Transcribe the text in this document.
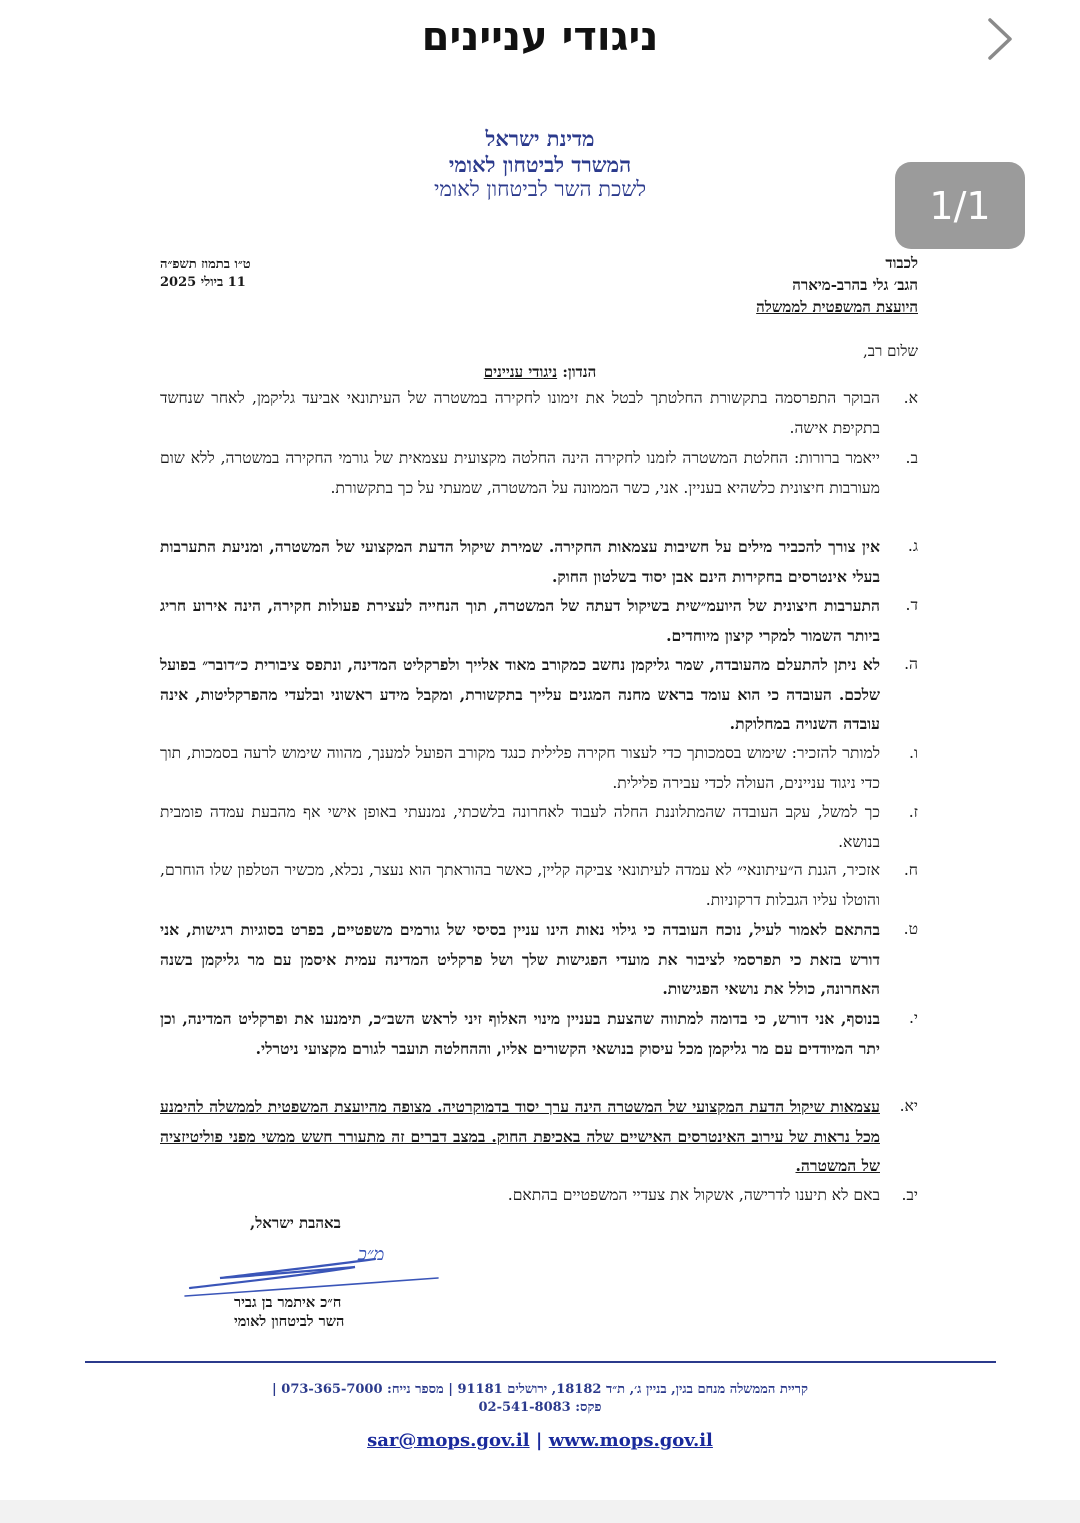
ניגודי עניינים
1/1
מדינת ישראל
המשרד לביטחון לאומי
לשכת השר לביטחון לאומי
ט״ו בתמוז תשפ״ה
11 ביולי 2025
לכבוד
הגב׳ גלי בהרב-מיארה
היועצת המשפטית לממשלה
שלום רב,
הנדון: ניגודי עניינים
א.
הבוקר התפרסמה בתקשורת החלטתך לבטל את זימונו לחקירה במשטרה של העיתונאי אביעד גליקמן, לאחר שנחשד בתקיפת אישה.
ב.
ייאמר ברורות: החלטת המשטרה לזמנו לחקירה הינה החלטה מקצועית עצמאית של גורמי החקירה במשטרה, ללא שום מעורבות חיצונית כלשהיא בעניין. אני, כשר הממונה על המשטרה, שמעתי על כך בתקשורת.
ג.
אין צורך להכביר מילים על חשיבות עצמאות החקירה. שמירת שיקול הדעת המקצועי של המשטרה, ומניעת התערבות בעלי אינטרסים בחקירות הינם אבן יסוד בשלטון החוק.
ד.
התערבות חיצונית של היועמ״שית בשיקול דעתה של המשטרה, תוך הנחייה לעצירת פעולות חקירה, הינה אירוע חריג ביותר השמור למקרי קיצון מיוחדים.
ה.
לא ניתן להתעלם מהעובדה, שמר גליקמן נחשב כמקורב מאוד אלייך ולפרקליט המדינה, ונתפס ציבורית כ״דובר״ בפועל שלכם. העובדה כי הוא עומד בראש מחנה המגנים עלייך בתקשורת, ומקבל מידע ראשוני ובלעדי מהפרקליטות, אינה עובדה השנויה במחלוקת.
ו.
למותר להזכיר: שימוש בסמכותך כדי לעצור חקירה פלילית כנגד מקורב הפועל למענך, מהווה שימוש לרעה בסמכות, תוך כדי ניגוד עניינים, העולה לכדי עבירה פלילית.
ז.
כך למשל, עקב העובדה שהמתלוננת החלה לעבוד לאחרונה בלשכתי, נמנעתי באופן אישי אף מהבעת עמדה פומבית בנושא.
ח.
אזכיר, הגנת ה״עיתונאי״ לא עמדה לעיתונאי צביקה קליין, כאשר בהוראתך הוא נעצר, נכלא, מכשיר הטלפון שלו הוחרם, והוטלו עליו הגבלות דרקוניות.
ט.
בהתאם לאמור לעיל, נוכח העובדה כי גילוי נאות הינו עניין בסיסי של גורמים משפטיים, בפרט בסוגיות רגישות, אני דורש בזאת כי תפרסמי לציבור את מועדי הפגישות שלך ושל פרקליט המדינה עמית איסמן עם מר גליקמן בשנה האחרונה, כולל את נושאי הפגישות.
י.
בנוסף, אני דורש, כי בדומה למתווה שהצעת בעניין מינוי האלוף זיני לראש השב״כ, תימנעו את ופרקליט המדינה, וכן יתר המיודדים עם מר גליקמן מכל עיסוק בנושאי הקשורים אליו, וההחלטה תועבר לגורם מקצועי ניטרלי.
יא.
עצמאות שיקול הדעת המקצועי של המשטרה הינה ערך יסוד בדמוקרטיה. מצופה מהיועצת המשפטית לממשלה להימנע מכל נראות של עירוב האינטרסים האישיים שלה באכיפת החוק. במצב דברים זה מתעורר חשש ממשי מפני פוליטיזציה של המשטרה.
יב.
באם לא תיענו לדרישה, אשקול את צעדיי המשפטיים בהתאם.
באהבת ישראל,
מ״כ
ח״כ איתמר בן גביר
השר לביטחון לאומי
קריית הממשלה מנחם בגין, בניין ג׳, ת״ד 18182, ירושלים 91181 | מספר נייח: 073-365-7000 |
פקס: 02-541-8083
sar@mops.gov.il | www.mops.gov.il
